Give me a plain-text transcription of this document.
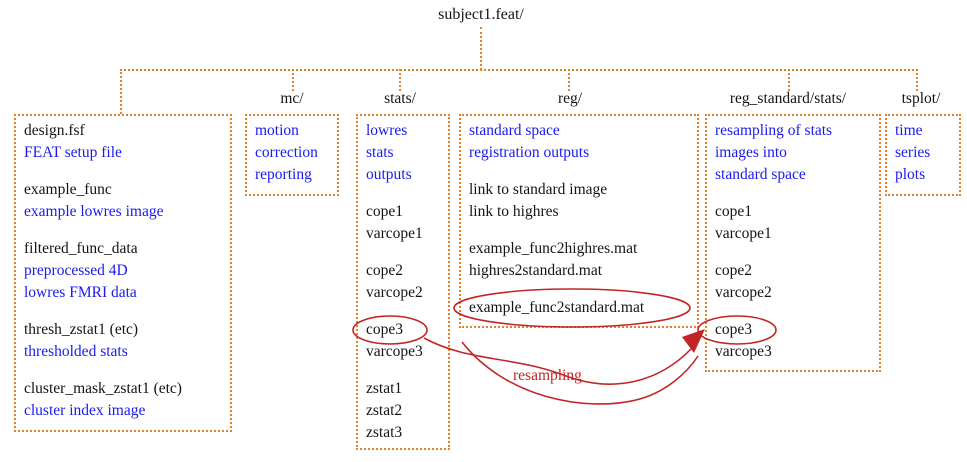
subject1.feat/
mc/	stats/	reg/	reg_standard/stats/	tsplot/
design.fsf
FEAT setup file
example_func
example lowres image
filtered_func_data
preprocessed 4D
lowres FMRI data
thresh_zstat1 (etc)
thresholded stats
cluster_mask_zstat1 (etc)
cluster index image
motion
correction
reporting
lowres
stats
outputs
cope1
varcope1
cope2
varcope2
cope3
varcope3
zstat1
zstat2
zstat3
standard space
registration outputs
link to standard image
link to highres
example_func2highres.mat
highres2standard.mat
example_func2standard.mat
resampling of stats
images into
standard space
cope1
varcope1
cope2
varcope2
cope3
varcope3
time
series
plots
resampling
